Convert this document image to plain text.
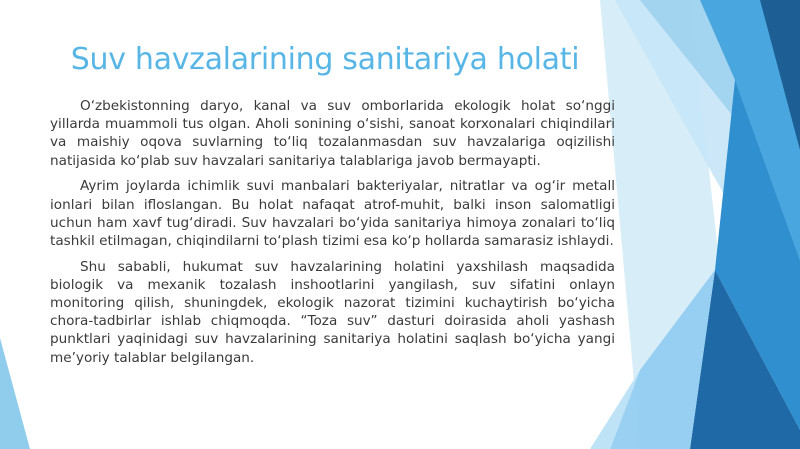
Suv havzalarining sanitariya holati

O‘zbekistonning daryo, kanal va suv omborlarida ekologik holat so‘nggi yillarda muammoli tus olgan. Aholi sonining o‘sishi, sanoat korxonalari chiqindilari va maishiy oqova suvlarning to‘liq tozalanmasdan suv havzalariga oqizilishi natijasida ko‘plab suv havzalari sanitariya talablariga javob bermayapti.

Ayrim joylarda ichimlik suvi manbalari bakteriyalar, nitratlar va og‘ir metall ionlari bilan ifloslangan. Bu holat nafaqat atrof-muhit, balki inson salomatligi uchun ham xavf tug‘diradi. Suv havzalari bo‘yida sanitariya himoya zonalari to‘liq tashkil etilmagan, chiqindilarni to‘plash tizimi esa ko‘p hollarda samarasiz ishlaydi.

Shu sababli, hukumat suv havzalarining holatini yaxshilash maqsadida biologik va mexanik tozalash inshootlarini yangilash, suv sifatini onlayn monitoring qilish, shuningdek, ekologik nazorat tizimini kuchaytirish bo‘yicha chora-tadbirlar ishlab chiqmoqda. “Toza suv” dasturi doirasida aholi yashash punktlari yaqinidagi suv havzalarining sanitariya holatini saqlash bo‘yicha yangi me’yoriy talablar belgilangan.
